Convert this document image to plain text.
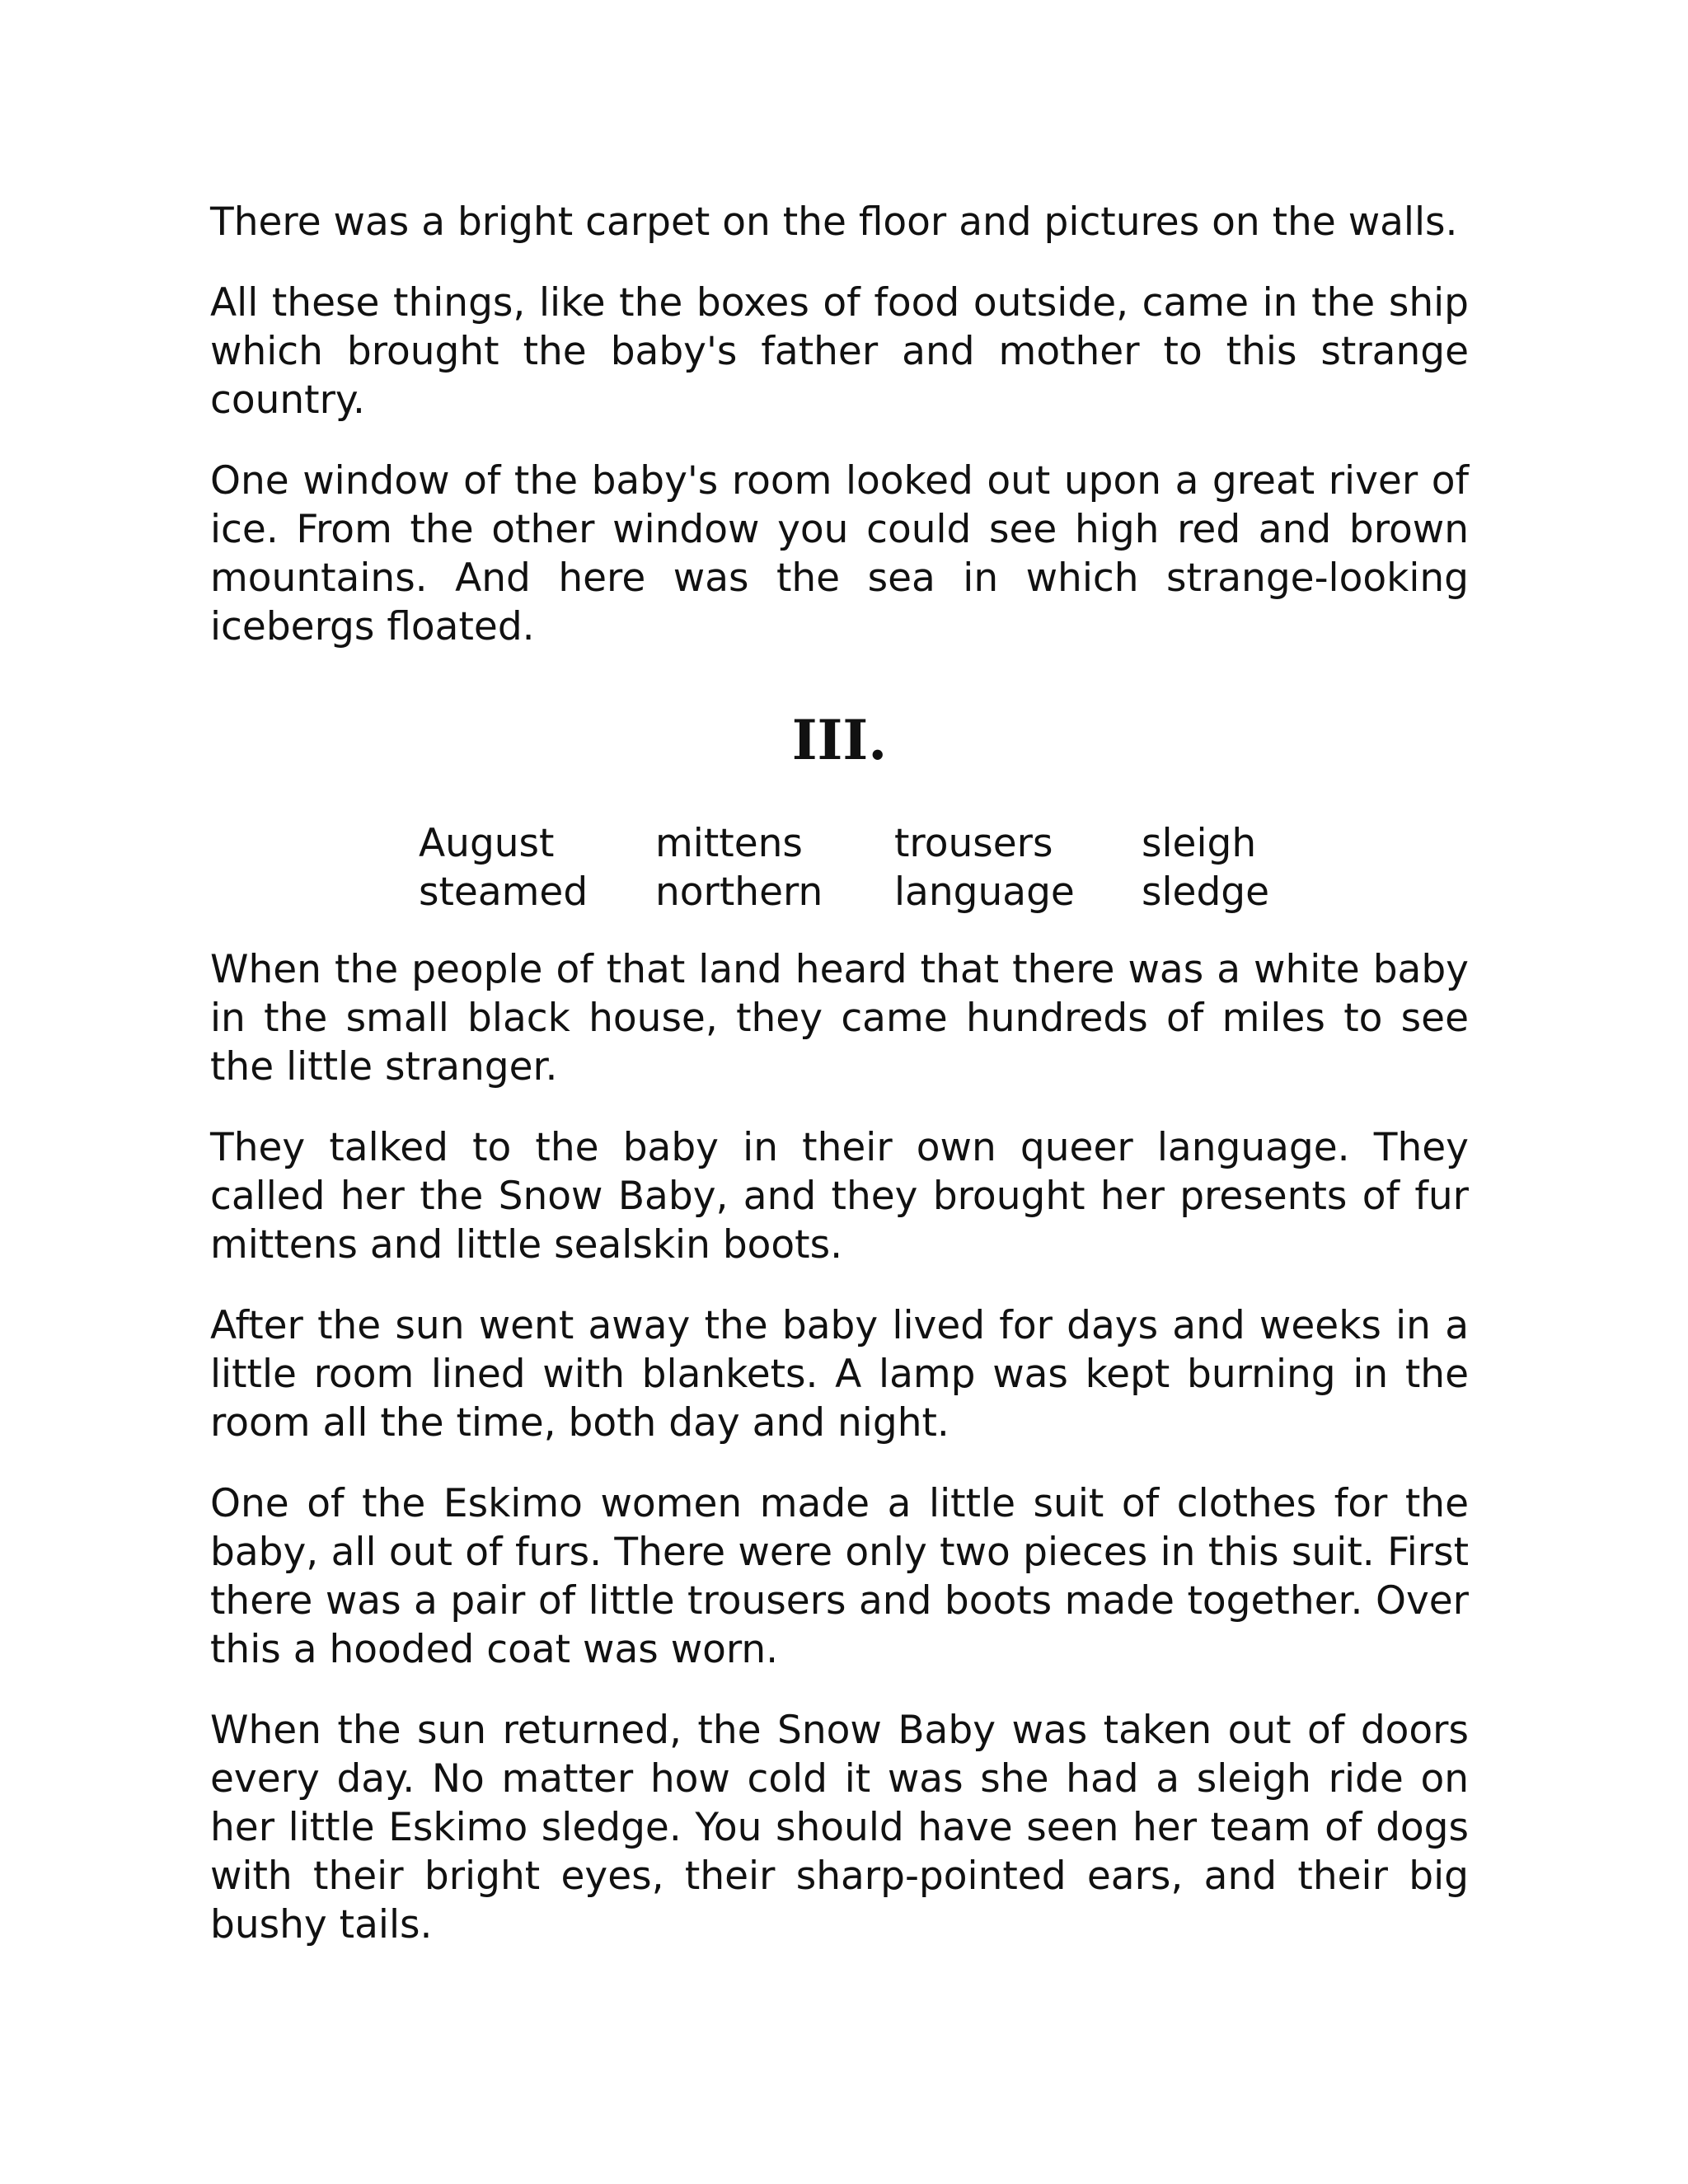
There was a bright carpet on the floor and pictures on the walls.

All these things, like the boxes of food outside, came in the ship which brought the baby's father and mother to this strange country.

One window of the baby's room looked out upon a great river of ice. From the other window you could see high red and brown mountains. And here was the sea in which strange-looking icebergs floated.

III.
August	mittens	trousers	sleigh
steamed	northern	language	sledge

When the people of that land heard that there was a white baby in the small black house, they came hundreds of miles to see the little stranger.

They talked to the baby in their own queer language. They called her the Snow Baby, and they brought her presents of fur mittens and little sealskin boots.

After the sun went away the baby lived for days and weeks in a little room lined with blankets. A lamp was kept burning in the room all the time, both day and night.

One of the Eskimo women made a little suit of clothes for the baby, all out of furs. There were only two pieces in this suit. First there was a pair of little trousers and boots made together. Over this a hooded coat was worn.

When the sun returned, the Snow Baby was taken out of doors every day. No matter how cold it was she had a sleigh ride on her little Eskimo sledge. You should have seen her team of dogs with their bright eyes, their sharp-pointed ears, and their big bushy tails.
